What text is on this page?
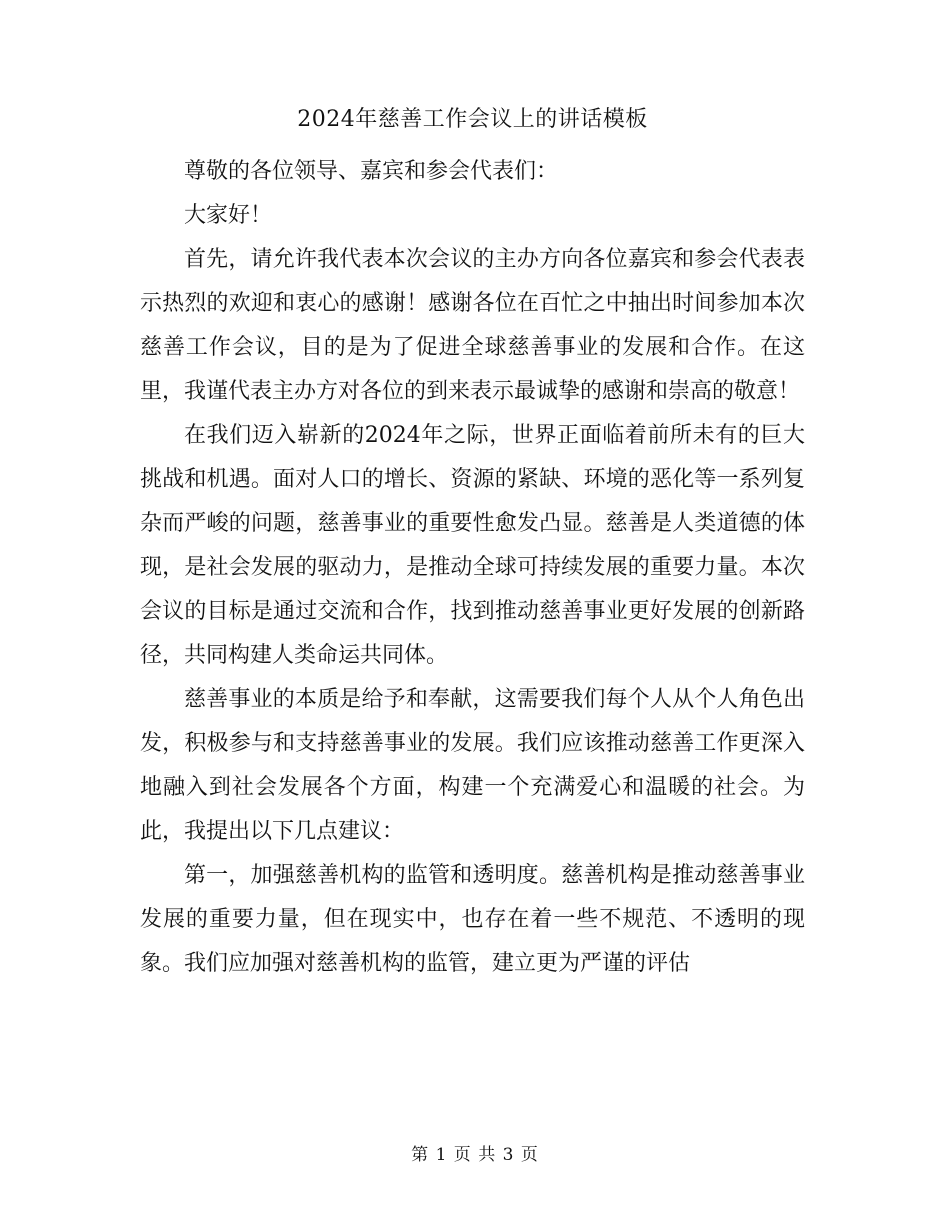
2024年慈善工作会议上的讲话模板

尊敬的各位领导、嘉宾和参会代表们：

大家好！

首先，请允许我代表本次会议的主办方向各位嘉宾和参会代表表示热烈的欢迎和衷心的感谢！感谢各位在百忙之中抽出时间参加本次慈善工作会议，目的是为了促进全球慈善事业的发展和合作。在这里，我谨代表主办方对各位的到来表示最诚挚的感谢和崇高的敬意！

在我们迈入崭新的2024年之际，世界正面临着前所未有的巨大挑战和机遇。面对人口的增长、资源的紧缺、环境的恶化等一系列复杂而严峻的问题，慈善事业的重要性愈发凸显。慈善是人类道德的体现，是社会发展的驱动力，是推动全球可持续发展的重要力量。本次会议的目标是通过交流和合作，找到推动慈善事业更好发展的创新路径，共同构建人类命运共同体。

慈善事业的本质是给予和奉献，这需要我们每个人从个人角色出发，积极参与和支持慈善事业的发展。我们应该推动慈善工作更深入地融入到社会发展各个方面，构建一个充满爱心和温暖的社会。为此，我提出以下几点建议：

第一，加强慈善机构的监管和透明度。慈善机构是推动慈善事业发展的重要力量，但在现实中，也存在着一些不规范、不透明的现象。我们应加强对慈善机构的监管，建立更为严谨的评估

第 1 页 共 3 页
